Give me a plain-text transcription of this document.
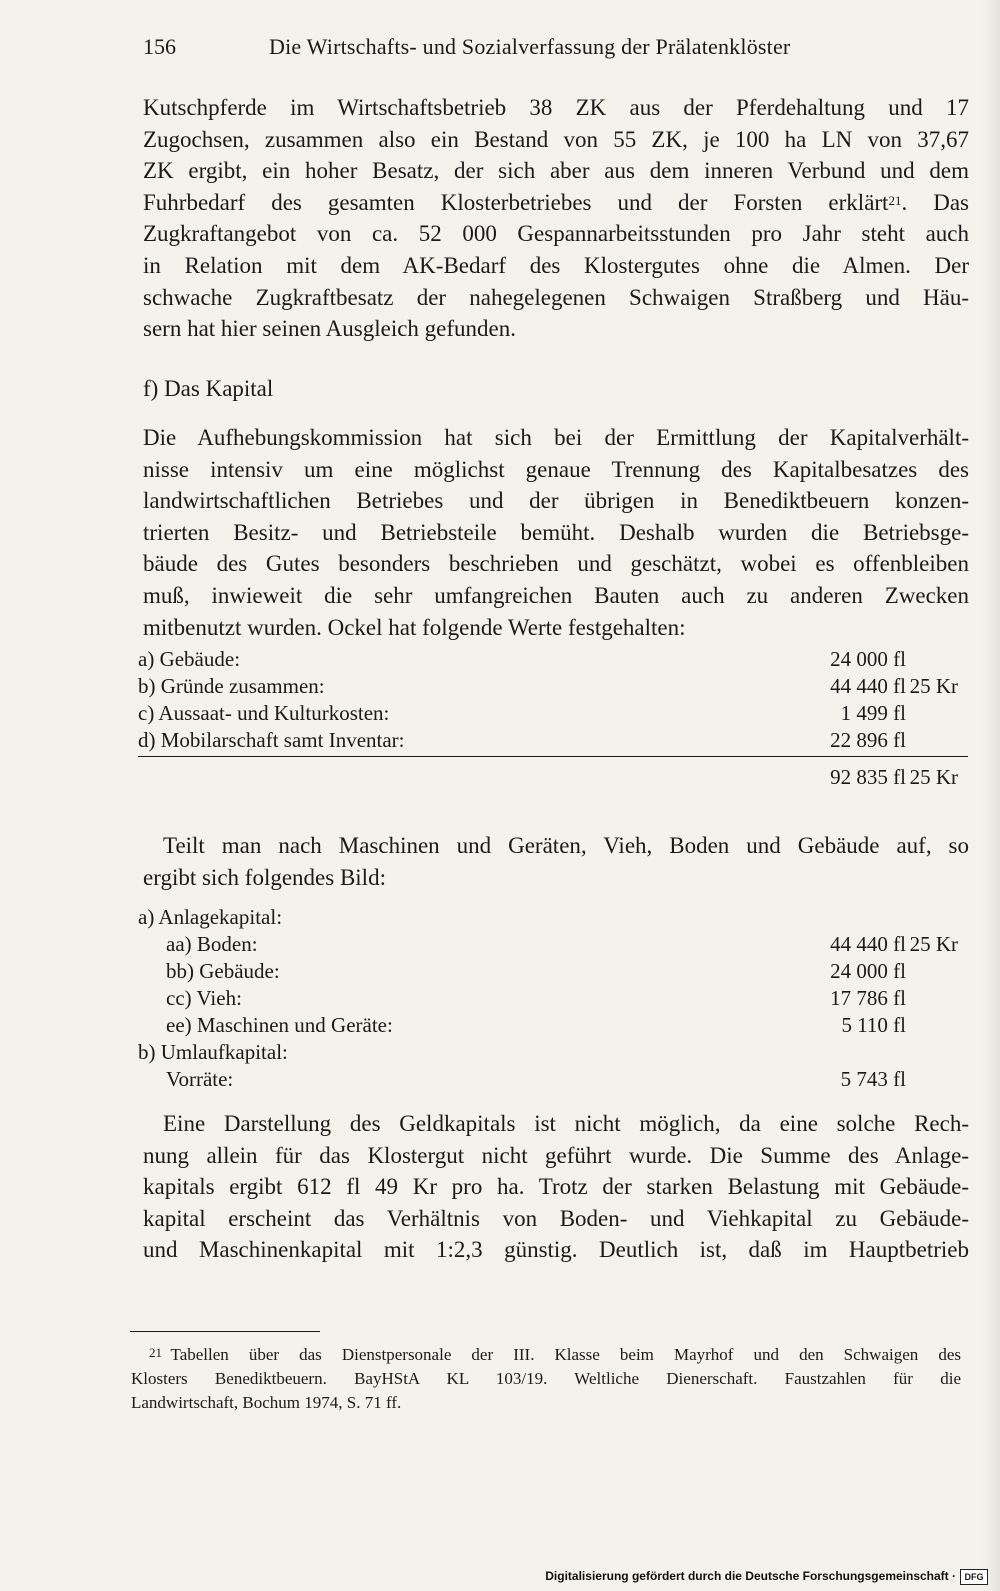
156	Die Wirtschafts- und Sozialverfassung der Prälatenklöster
Kutschpferde im Wirtschaftsbetrieb 38 ZK aus der Pferdehaltung und 17
Zugochsen, zusammen also ein Bestand von 55 ZK, je 100 ha LN von 37,67
ZK ergibt, ein hoher Besatz, der sich aber aus dem inneren Verbund und dem
Fuhrbedarf des gesamten Klosterbetriebes und der Forsten erklärt$^{21}$. Das
Zugkraftangebot von ca. 52 000 Gespannarbeitsstunden pro Jahr steht auch
in Relation mit dem AK-Bedarf des Klostergutes ohne die Almen. Der
schwache Zugkraftbesatz der nahegelegenen Schwaigen Straßberg und Häu-
sern hat hier seinen Ausgleich gefunden.
f) Das Kapital
Die Aufhebungskommission hat sich bei der Ermittlung der Kapitalverhält-
nisse intensiv um eine möglichst genaue Trennung des Kapitalbesatzes des
landwirtschaftlichen Betriebes und der übrigen in Benediktbeuern konzen-
trierten Besitz- und Betriebsteile bemüht. Deshalb wurden die Betriebsge-
bäude des Gutes besonders beschrieben und geschätzt, wobei es offenbleiben
muß, inwieweit die sehr umfangreichen Bauten auch zu anderen Zwecken
mitbenutzt wurden. Ockel hat folgende Werte festgehalten:
a) Gebäude:	24 000 fl
b) Gründe zusammen:	44 440 fl 25 Kr
c) Aussaat- und Kulturkosten:	1 499 fl
d) Mobilarschaft samt Inventar:	22 896 fl
92 835 fl 25 Kr
Teilt man nach Maschinen und Geräten, Vieh, Boden und Gebäude auf, so
ergibt sich folgendes Bild:
a) Anlagekapital:
aa) Boden:	44 440 fl 25 Kr
bb) Gebäude:	24 000 fl
cc) Vieh:	17 786 fl
ee) Maschinen und Geräte:	5 110 fl
b) Umlaufkapital:
Vorräte:	5 743 fl
Eine Darstellung des Geldkapitals ist nicht möglich, da eine solche Rech-
nung allein für das Klostergut nicht geführt wurde. Die Summe des Anlage-
kapitals ergibt 612 fl 49 Kr pro ha. Trotz der starken Belastung mit Gebäude-
kapital erscheint das Verhältnis von Boden- und Viehkapital zu Gebäude-
und Maschinenkapital mit 1:2,3 günstig. Deutlich ist, daß im Hauptbetrieb
$^{21}$  Tabellen über das Dienstpersonale der III. Klasse beim Mayrhof und den Schwaigen des
Klosters Benediktbeuern. BayHStA KL 103/19. Weltliche Dienerschaft. Faustzahlen für die
Landwirtschaft, Bochum 1974, S. 71 ff.
Digitalisierung gefördert durch die Deutsche Forschungsgemeinschaft · DFG
